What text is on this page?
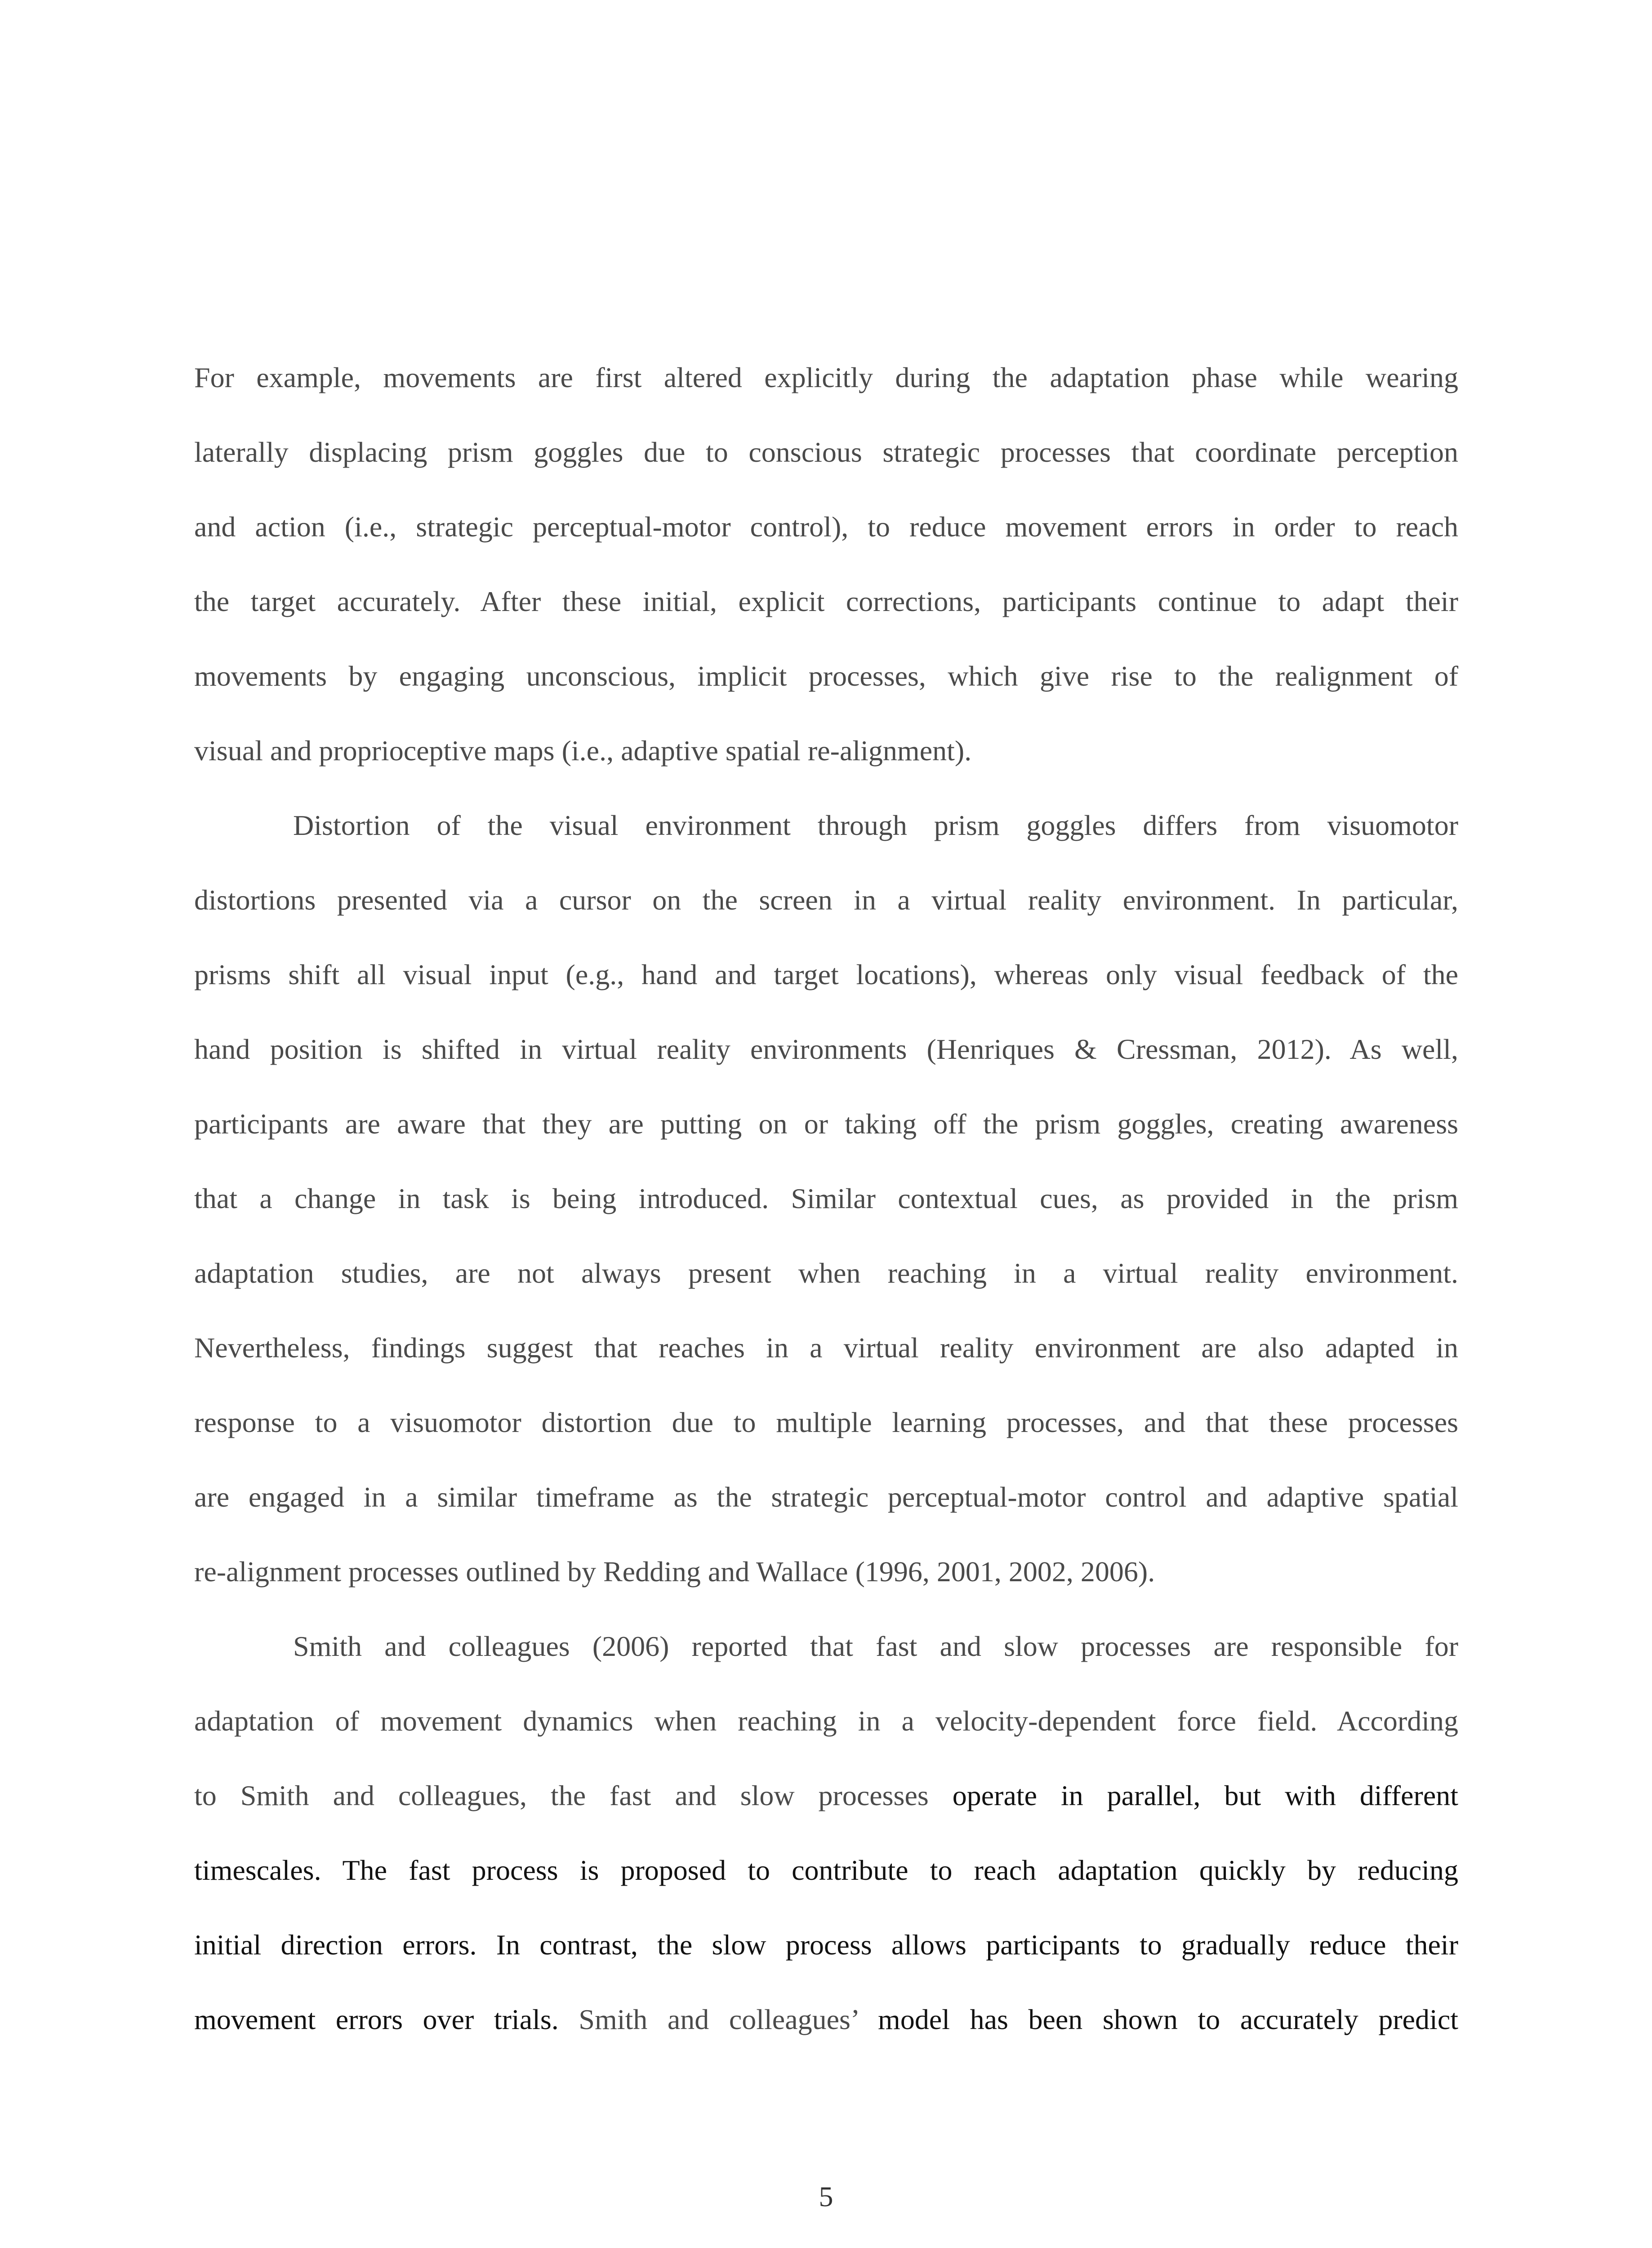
For example, movements are first altered explicitly during the adaptation phase while wearing
laterally displacing prism goggles due to conscious strategic processes that coordinate perception
and action (i.e., strategic perceptual-motor control), to reduce movement errors in order to reach
the target accurately. After these initial, explicit corrections, participants continue to adapt their
movements by engaging unconscious, implicit processes, which give rise to the realignment of
visual and proprioceptive maps (i.e., adaptive spatial re-alignment).
Distortion of the visual environment through prism goggles differs from visuomotor
distortions presented via a cursor on the screen in a virtual reality environment. In particular,
prisms shift all visual input (e.g., hand and target locations), whereas only visual feedback of the
hand position is shifted in virtual reality environments (Henriques & Cressman, 2012). As well,
participants are aware that they are putting on or taking off the prism goggles, creating awareness
that a change in task is being introduced. Similar contextual cues, as provided in the prism
adaptation studies, are not always present when reaching in a virtual reality environment.
Nevertheless, findings suggest that reaches in a virtual reality environment are also adapted in
response to a visuomotor distortion due to multiple learning processes, and that these processes
are engaged in a similar timeframe as the strategic perceptual-motor control and adaptive spatial
re-alignment processes outlined by Redding and Wallace (1996, 2001, 2002, 2006).
Smith and colleagues (2006) reported that fast and slow processes are responsible for
adaptation of movement dynamics when reaching in a velocity-dependent force field. According
to Smith and colleagues, the fast and slow processes operate in parallel, but with different
timescales. The fast process is proposed to contribute to reach adaptation quickly by reducing
initial direction errors. In contrast, the slow process allows participants to gradually reduce their
movement errors over trials. Smith and colleagues’ model has been shown to accurately predict
5
